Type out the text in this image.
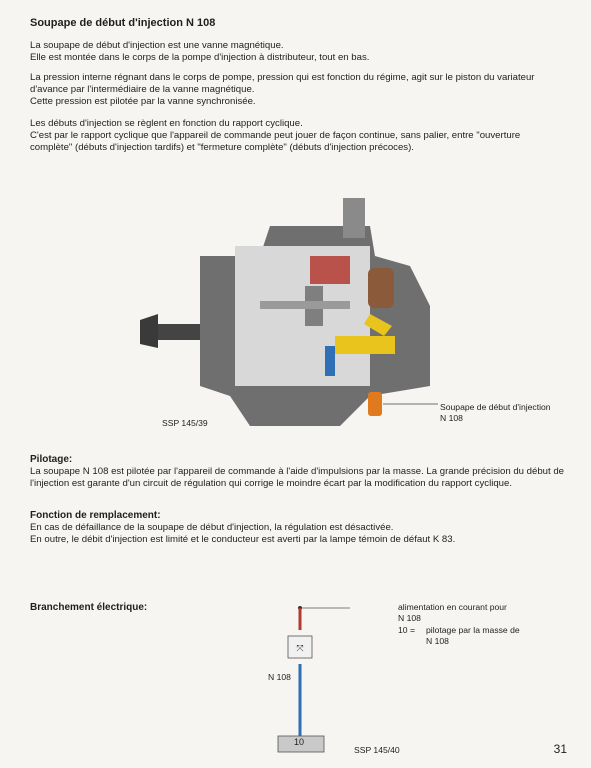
Soupape de début d'injection N 108

La soupape de début d'injection est une vanne magnétique.
Elle est montée dans le corps de la pompe d'injection à distributeur, tout en bas.

La pression interne régnant dans le corps de pompe, pression qui est fonction du régime, agit sur le piston du variateur d'avance par l'intermédiaire de la vanne magnétique.
Cette pression est pilotée par la vanne synchronisée.

Les débuts d'injection se règlent en fonction du rapport cyclique.
C'est par le rapport cyclique que l'appareil de commande peut jouer de façon continue, sans palier, entre "ouverture complète" (débuts d'injection tardifs) et "fermeture complète" (débuts d'injection précoces).

SSP 145/39
Soupape de début d'injection
N 108
Pilotage:

La soupape N 108 est pilotée par l'appareil de commande à l'aide d'impulsions par la masse. La grande précision du début de l'injection est garante d'un circuit de régulation qui corrige le moindre écart par la modification du rapport cyclique.

Fonction de remplacement:

En cas de défaillance de la soupape de début d'injection, la régulation est désactivée.
En outre, le débit d'injection est limité et le conducteur est averti par la lampe témoin de défaut K 83.

Branchement électrique:
⤧
10
N 108
alimentation en courant pour
N 108
10 = pilotage par la masse de
N 108
SSP 145/40	31
